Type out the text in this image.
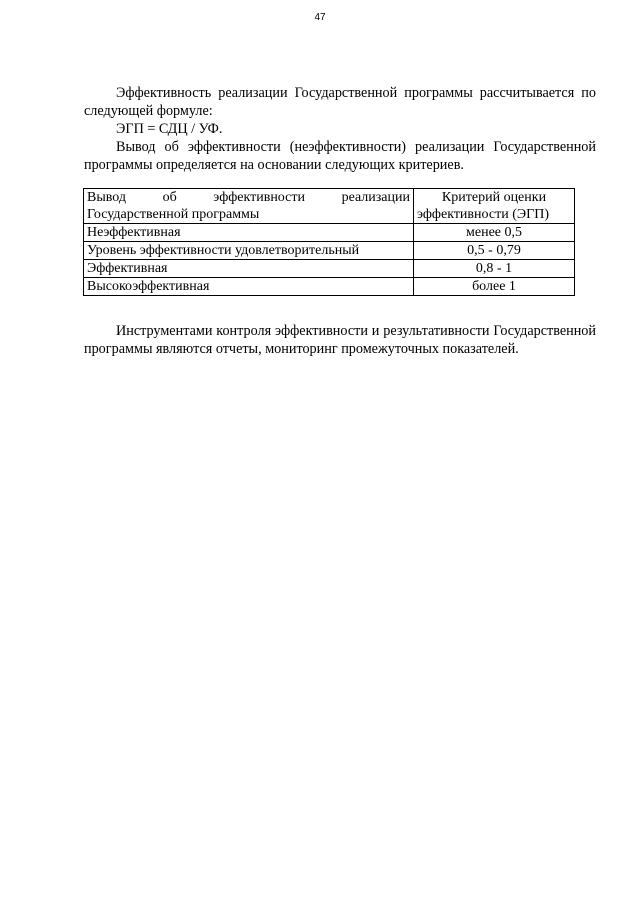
47

Эффективность реализации Государственной программы рассчитывается по следующей формуле:

ЭГП = СДЦ / УФ.

Вывод об эффективности (неэффективности) реализации Государственной программы определяется на основании следующих критериев.

Вывод об эффективности реализации Государственной программы	Критерий оценки эффективности (ЭГП)
Неэффективная	менее 0,5
Уровень эффективности удовлетворительный	0,5 - 0,79
Эффективная	0,8 - 1
Высокоэффективная	более 1

Инструментами контроля эффективности и результативности Государственной программы являются отчеты, мониторинг промежуточных показателей.
